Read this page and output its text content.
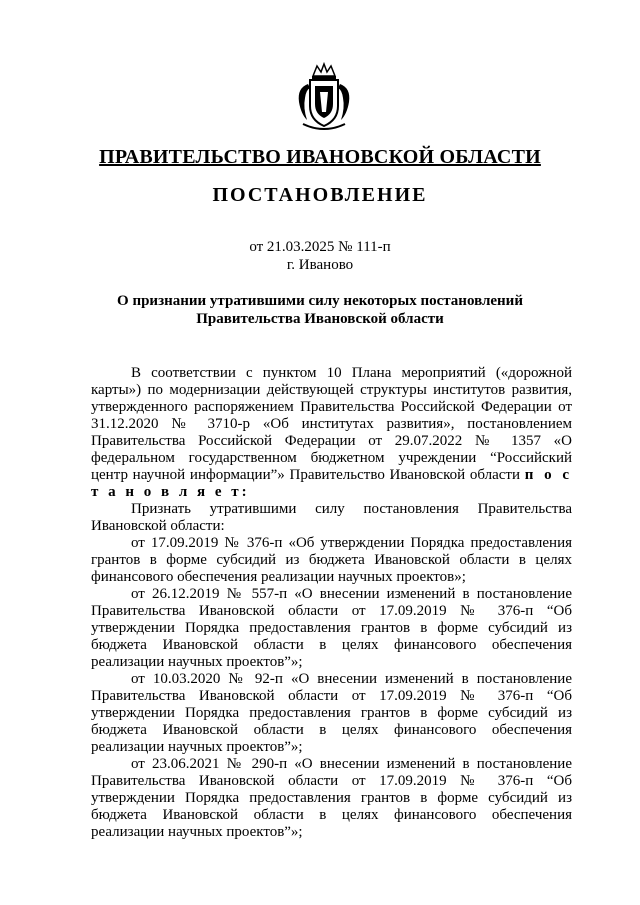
ПРАВИТЕЛЬСТВО ИВАНОВСКОЙ ОБЛАСТИ
ПОСТАНОВЛЕНИЕ
от 21.03.2025 № 111-п
г. Иваново
О признании утратившими силу некоторых постановлений
Правительства Ивановской области

В соответствии с пунктом 10 Плана мероприятий («дорожной карты») по модернизации действующей структуры институтов развития, утвержденного распоряжением Правительства Российской Федерации от 31.12.2020 № 3710-р «Об институтах развития», постановлением Правительства Российской Федерации от 29.07.2022 № 1357 «О федеральном государственном бюджетном учреждении “Российский центр научной информации”» Правительство Ивановской области п о с т а н о в л я е т:

Признать утратившими силу постановления Правительства Ивановской области:

от 17.09.2019 № 376-п «Об утверждении Порядка предоставления грантов в форме субсидий из бюджета Ивановской области в целях финансового обеспечения реализации научных проектов»;

от 26.12.2019 № 557-п «О внесении изменений в постановление Правительства Ивановской области от 17.09.2019 № 376-п “Об утверждении Порядка предоставления грантов в форме субсидий из бюджета Ивановской области в целях финансового обеспечения реализации научных проектов”»;

от 10.03.2020 № 92-п «О внесении изменений в постановление Правительства Ивановской области от 17.09.2019 № 376-п “Об утверждении Порядка предоставления грантов в форме субсидий из бюджета Ивановской области в целях финансового обеспечения реализации научных проектов”»;

от 23.06.2021 № 290-п «О внесении изменений в постановление Правительства Ивановской области от 17.09.2019 № 376-п “Об утверждении Порядка предоставления грантов в форме субсидий из бюджета Ивановской области в целях финансового обеспечения реализации научных проектов”»;
